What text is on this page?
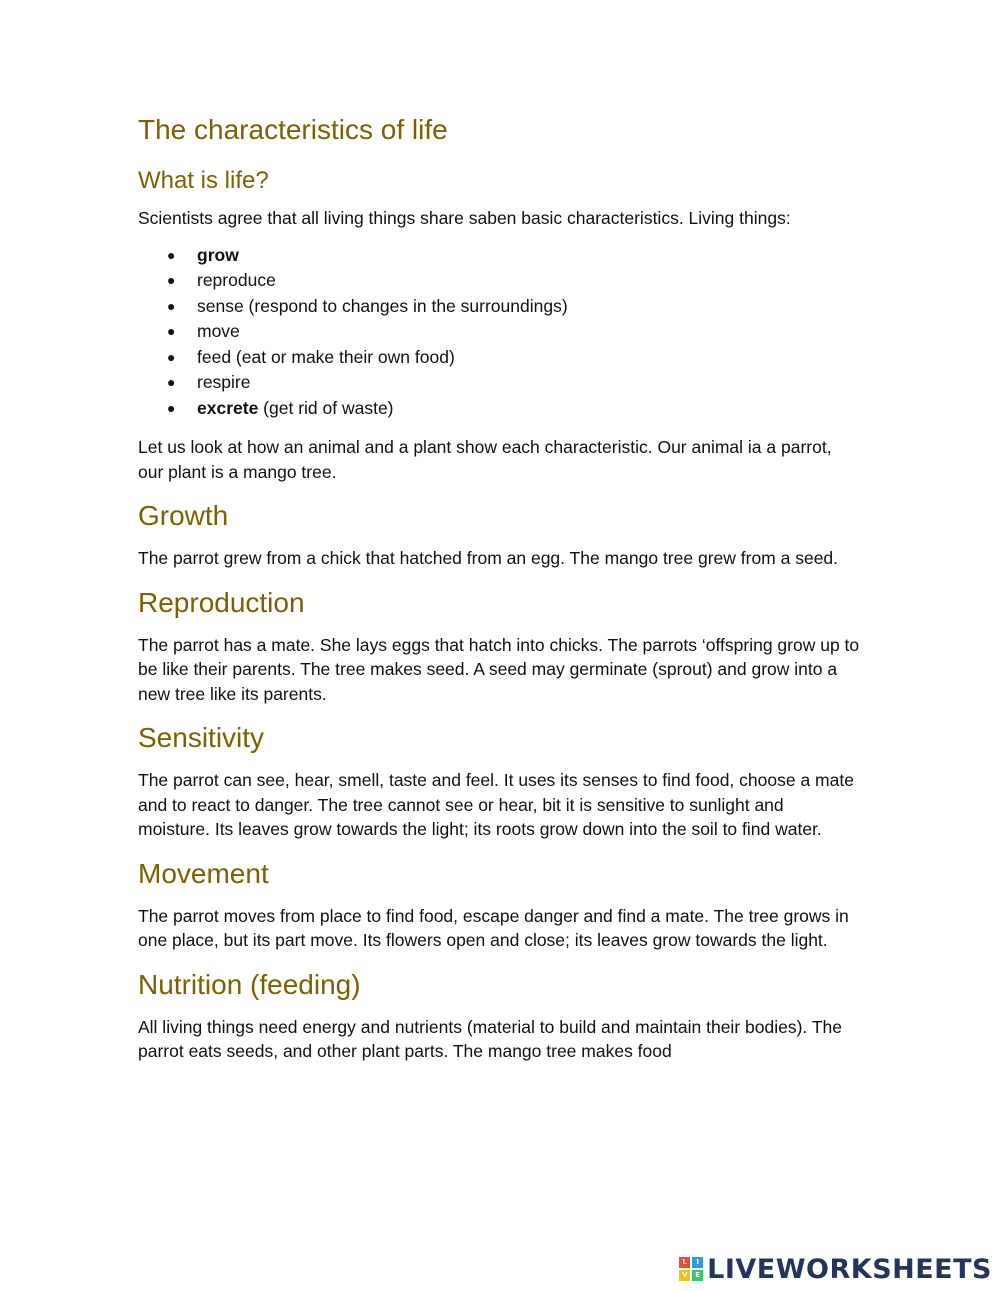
The characteristics of life
What is life?

Scientists agree that all living things share saben basic characteristics. Living things:

● grow
● reproduce
● sense (respond to changes in the surroundings)
● move
● feed (eat or make their own food)
● respire
● excrete (get rid of waste)

Let us look at how an animal and a plant show each characteristic. Our animal ia a parrot, our plant is a mango tree.

Growth

The parrot grew from a chick that hatched from an egg. The mango tree grew from a seed.

Reproduction

The parrot has a mate. She lays eggs that hatch into chicks. The parrots ‘offspring grow up to be like their parents. The tree makes seed. A seed may germinate (sprout) and grow into a new tree like its parents.

Sensitivity

The parrot can see, hear, smell, taste and feel. It uses its senses to find food, choose a mate and to react to danger. The tree cannot see or hear, bit it is sensitive to sunlight and moisture. Its leaves grow towards the light; its roots grow down into the soil to find water.

Movement

The parrot moves from place to find food, escape danger and find a mate. The tree grows in one place, but its part move. Its flowers open and close; its leaves grow towards the light.

Nutrition (feeding)

All living things need energy and nutrients (material to build and maintain their bodies). The parrot eats seeds, and other plant parts. The mango tree makes food

L	I
V	E LIVEWORKSHEETS
